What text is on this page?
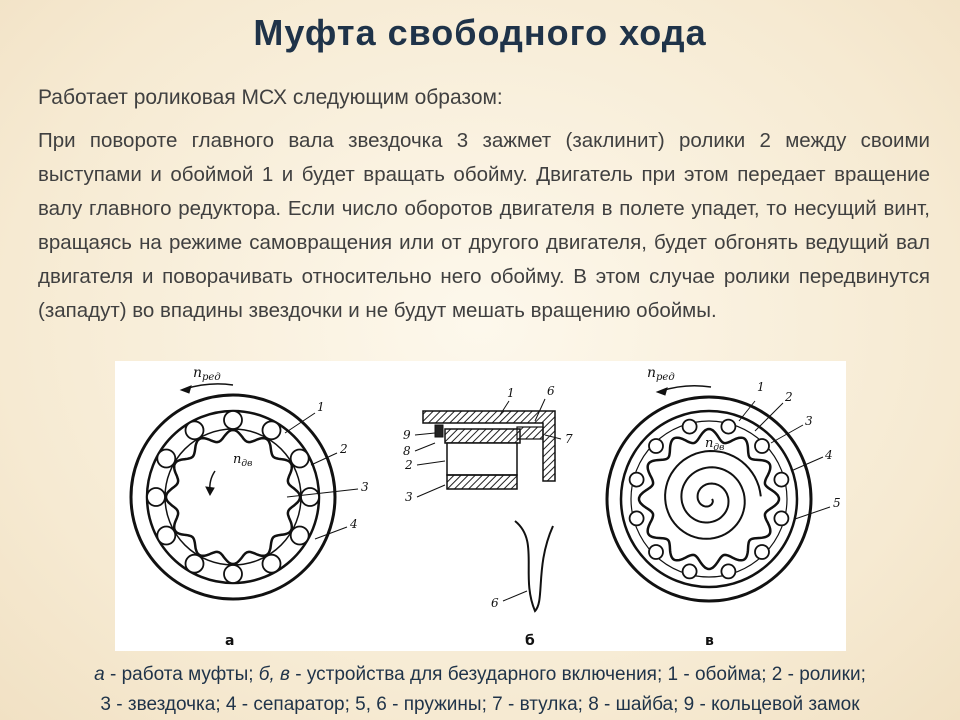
Муфта свободного хода
Работает роликовая МСХ следующим образом:
При повороте главного вала звездочка 3 зажмет (заклинит) ролики 2 между своими выступами и обоймой 1 и будет вращать обойму. Двигатель при этом передает вращение валу главного редуктора. Если число оборотов двигателя в полете упадет, то несущий винт, вращаясь на режиме самовращения или от другого двигателя, будет обгонять ведущий вал двигателя и поворачивать относительно него обойму. В этом случае ролики передвинутся (западут) во впадины звездочки и не будут мешать вращению обоймы.
$n_{ред}$
$n_{дв}$
1
2
3
4
а
1	6
9
8
7
2
3
6
б
$n_{ред}$
$n_{дв}$
1
2
3
4
5
в
а - работа муфты; б, в - устройства для безударного включения; 1 - обойма; 2 - ролики;
3 - звездочка; 4 - сепаратор; 5, 6 - пружины; 7 - втулка; 8 - шайба; 9 - кольцевой замок
